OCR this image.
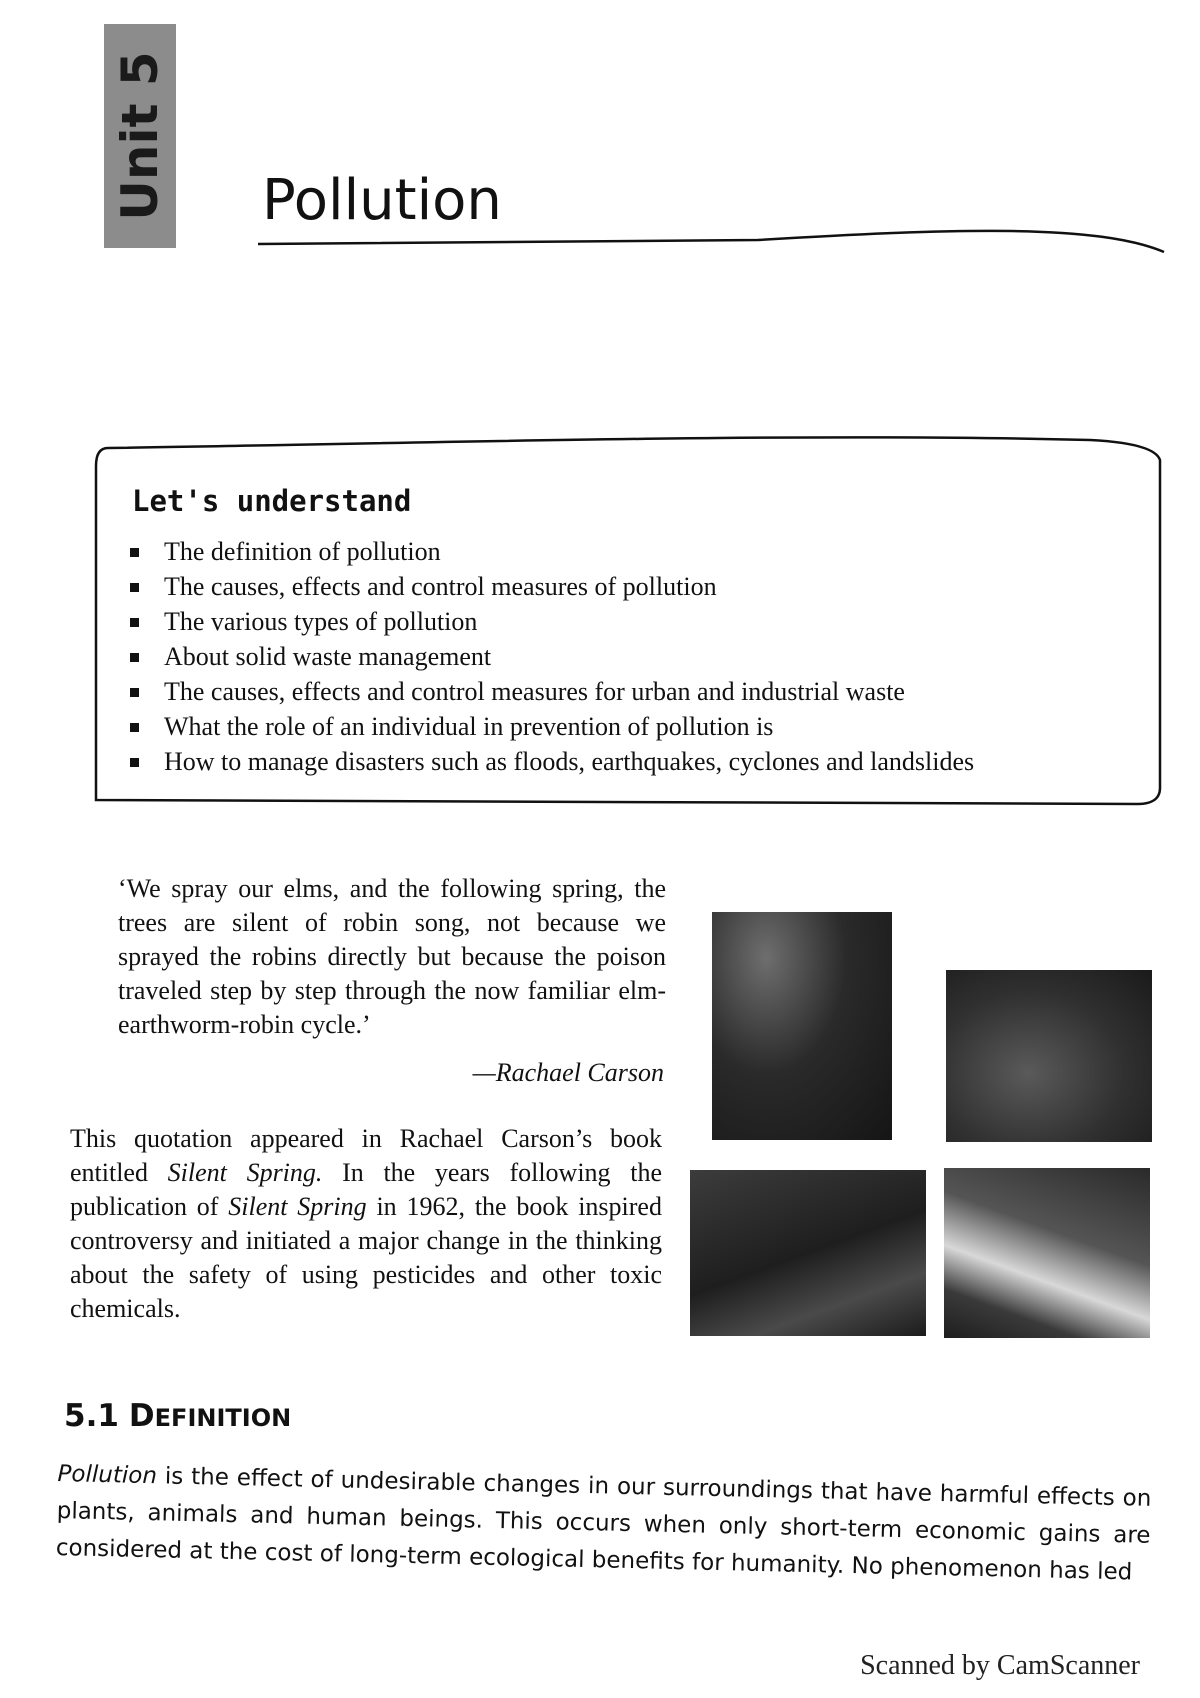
Unit 5 Pollution
Let's understand
The definition of pollution
The causes, effects and control measures of pollution
The various types of pollution
About solid waste management
The causes, effects and control measures for urban and industrial waste
What the role of an individual in prevention of pollution is
How to manage disasters such as floods, earthquakes, cyclones and landslides

‘We spray our elms, and the following spring, the trees are silent of robin song, not because we sprayed the robins directly but because the poison traveled step by step through the now familiar elm-earthworm-robin cycle.’

—Rachael Carson

This quotation appeared in Rachael Carson’s book entitled Silent Spring. In the years following the publication of Silent Spring in 1962, the book inspired controversy and initiated a major change in the thinking about the safety of using pesticides and other toxic chemicals.

5.1 DEFINITION

Pollution is the effect of undesirable changes in our surroundings that have harmful effects on plants, animals and human beings. This occurs when only short-term economic gains are considered at the cost of long-term ecological benefits for humanity. No phenomenon has led

Scanned by CamScanner
